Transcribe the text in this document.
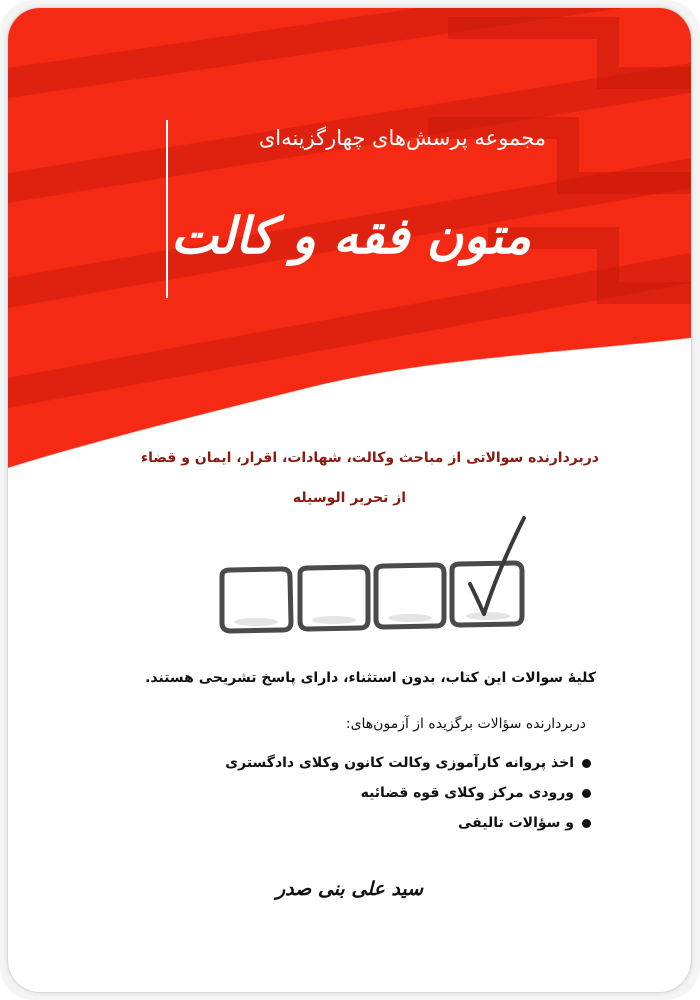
مجموعه پرسش‌های چهارگزینه‌ای
متون فقه و کالت
دربردارنده سوالاتی از مباحث وکالت، شهادات، اقرار، ایمان و قضاء
از تحریر الوسیله
کلیهٔ سوالات این کتاب، بدون استثناء، دارای پاسخ تشریحی هستند.
دربردارنده سؤالات برگزیده از آزمون‌های:
اخذ پروانه کارآموزی وکالت کانون وکلای دادگستری
ورودی مرکز وکلای قوه قضائیه
و سؤالات تالیفی
سید علی بنی صدر
